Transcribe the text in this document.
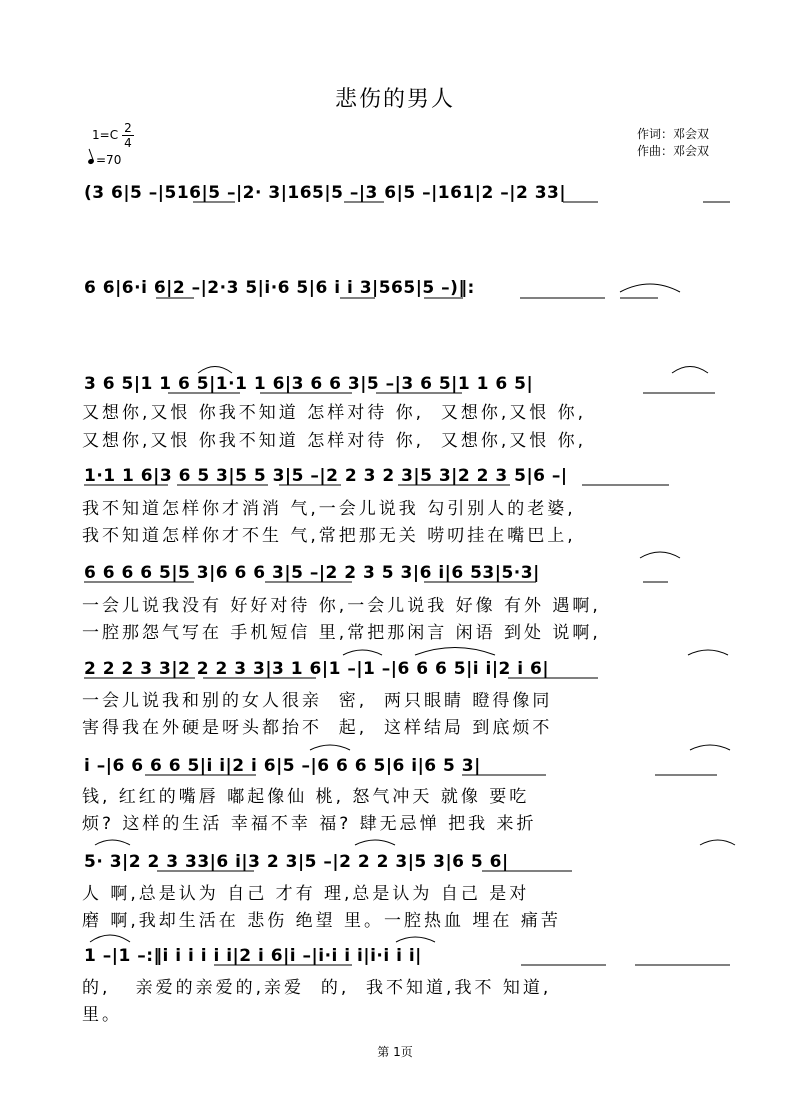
悲伤的男人
1=C 2
4
=70
作词：邓会双
作曲：邓会双
(3 6|5 –|516|5 –|2· 3|165|5 –|3 6|5 –|161|2 –|2 33|
6 6|6·i 6|2 –|2·3 5|i·6 5|6 i i 3|565|5 –)‖:
3 6 5|1 1 6 5|1·1 1 6|3 6 6 3|5 –|3 6 5|1 1 6 5|
又想你,又恨 你我不知道 怎样对待 你,  又想你,又恨 你,
又想你,又恨 你我不知道 怎样对待 你,  又想你,又恨 你,
1·1 1 6|3 6 5 3|5 5 3|5 –|2 2 3 2 3|5 3|2 2 3 5|6 –|
我不知道怎样你才消消 气,一会儿说我 勾引别人的老婆,
我不知道怎样你才不生 气,常把那无关 唠叨挂在嘴巴上,
6 6 6 6 5|5 3|6 6 6 3|5 –|2 2 3 5 3|6 i|6 53|5·3|
一会儿说我没有 好好对待 你,一会儿说我 好像 有外 遇啊,
一腔那怨气写在 手机短信 里,常把那闲言 闲语 到处 说啊,
2 2 2 3 3|2 2 2 3 3|3 1 6|1 –|1 –|6 6 6 5|i i|2 i 6|
一会儿说我和别的女人很亲  密,  两只眼睛 瞪得像同
害得我在外硬是呀头都抬不  起,  这样结局 到底烦不
i –|6 6 6 6 5|i i|2 i 6|5 –|6 6 6 5|6 i|6 5 3|
钱, 红红的嘴唇 嘟起像仙 桃, 怒气冲天 就像 要吃
烦? 这样的生活 幸福不幸 福? 肆无忌惮 把我 来折
5· 3|2 2 3 33|6 i|3 2 3|5 –|2 2 2 3|5 3|6 5 6|
人 啊,总是认为 自己 才有 理,总是认为 自己 是对
磨 啊,我却生活在 悲伤 绝望 里。一腔热血 埋在 痛苦
1 –|1 –:‖i i i i i i|2 i 6|i –|i·i i i|i·i i i|
的,   亲爱的亲爱的,亲爱  的,  我不知道,我不 知道,
里。
第 1页
